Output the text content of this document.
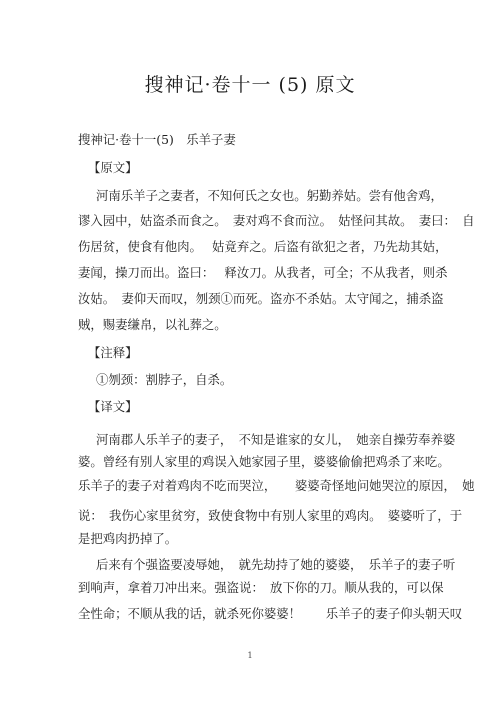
搜神记·卷十一 (5) 原文
搜神记·卷十一(5)　乐羊子妻
【原文】
河南乐羊子之妻者，不知何氏之女也。躬勤养姑。尝有他舍鸡，
谬入园中，姑盗杀而食之。　妻对鸡不食而泣。　姑怪问其故。　妻曰：　自
伤居贫，使食有他肉。　 姑竟弃之。后盗有欲犯之者，乃先劫其姑，
妻闻，操刀而出。盗曰：　 释汝刀。从我者，可全；不从我者，则杀
汝姑。　妻仰天而叹，刎颈①而死。盗亦不杀姑。太守闻之，捕杀盗
贼，赐妻缣帛，以礼葬之。
【注释】
①刎颈：割脖子，自杀。
【译文】
河南郡人乐羊子的妻子，　不知是谁家的女儿，　她亲自操劳奉养婆
婆。曾经有别人家里的鸡误入她家园子里，婆婆偷偷把鸡杀了来吃。
乐羊子的妻子对着鸡肉不吃而哭泣，　　婆婆奇怪地问她哭泣的原因，　她
说：　我伤心家里贫穷，致使食物中有别人家里的鸡肉。　婆婆听了，于
是把鸡肉扔掉了。
后来有个强盗要凌辱她，　就先劫持了她的婆婆，　乐羊子的妻子听
到响声，拿着刀冲出来。强盗说：　放下你的刀。顺从我的，可以保
全性命；不顺从我的话，就杀死你婆婆！　　乐羊子的妻子仰头朝天叹
1
